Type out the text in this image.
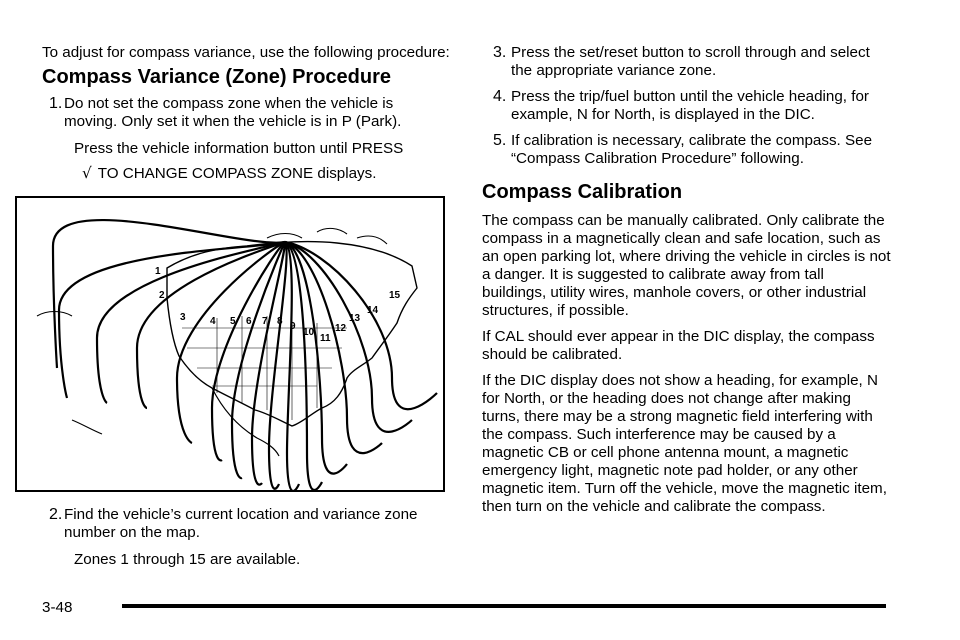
To adjust for compass variance, use the following procedure:

Compass Variance (Zone) Procedure
1. Do not set the compass zone when the vehicle is moving. Only set it when the vehicle is in P (Park).

Press the vehicle information button until PRESS

√ TO CHANGE COMPASS ZONE displays.

1
2
3 4 5 6 7 8 9
10
11
12
13
14
15
2. Find the vehicle’s current location and variance zone number on the map.

Zones 1 through 15 are available.

3. Press the set/reset button to scroll through and select the appropriate variance zone.

4. Press the trip/fuel button until the vehicle heading, for example, N for North, is displayed in the DIC.

5. If calibration is necessary, calibrate the compass. See “Compass Calibration Procedure” following.

Compass Calibration

The compass can be manually calibrated. Only calibrate the compass in a magnetically clean and safe location, such as an open parking lot, where driving the vehicle in circles is not a danger. It is suggested to calibrate away from tall buildings, utility wires, manhole covers, or other industrial structures, if possible.

If CAL should ever appear in the DIC display, the compass should be calibrated.

If the DIC display does not show a heading, for example, N for North, or the heading does not change after making turns, there may be a strong magnetic field interfering with the compass. Such interference may be caused by a magnetic CB or cell phone antenna mount, a magnetic emergency light, magnetic note pad holder, or any other magnetic item. Turn off the vehicle, move the magnetic item, then turn on the vehicle and calibrate the compass.

3-48
